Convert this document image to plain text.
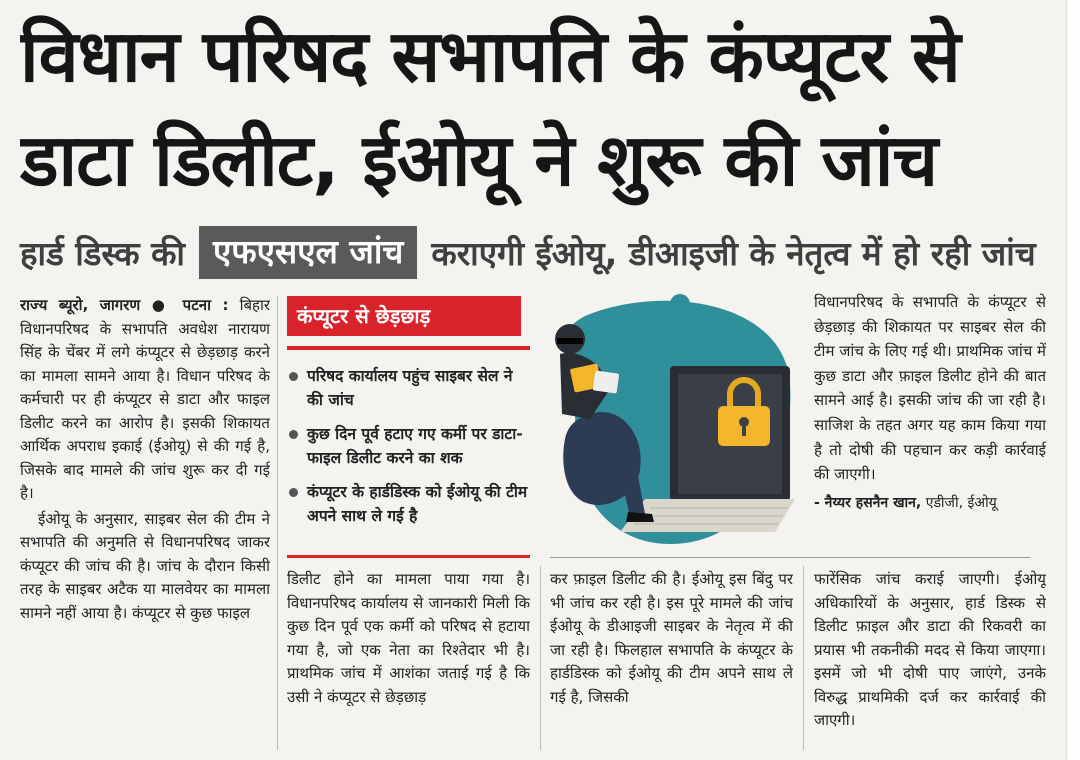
विधान परिषद सभापति के कंप्यूटर से
डाटा डिलीट, ईओयू ने शुरू की जांच
हार्ड डिस्क की एफएसएल जांच कराएगी ईओयू, डीआइजी के नेतृत्व में हो रही जांच

राज्य ब्यूरो, जागरण ● पटना : बिहार विधानपरिषद के सभापति अवधेश नारायण सिंह के चेंबर में लगे कंप्यूटर से छेड़छाड़ करने का मामला सामने आया है। विधान परिषद के कर्मचारी पर ही कंप्यूटर से डाटा और फाइल डिलीट करने का आरोप है। इसकी शिकायत आर्थिक अपराध इकाई (ईओयू) से की गई है, जिसके बाद मामले की जांच शुरू कर दी गई है।

ईओयू के अनुसार, साइबर सेल की टीम ने सभापति की अनुमति से विधानपरिषद जाकर कंप्यूटर की जांच की है। जांच के दौरान किसी तरह के साइबर अटैक या मालवेयर का मामला सामने नहीं आया है। कंप्यूटर से कुछ फाइल

कंप्यूटर से छेड़छाड़
परिषद कार्यालय पहुंच साइबर सेल ने की जांच
कुछ दिन पूर्व हटाए गए कर्मी पर डाटा-फाइल डिलीट करने का शक
कंप्यूटर के हार्डडिस्क को ईओयू की टीम अपने साथ ले गई है

विधानपरिषद के सभापति के कंप्यूटर से छेड़छाड़ की शिकायत पर साइबर सेल की टीम जांच के लिए गई थी। प्राथमिक जांच में कुछ डाटा और फ़ाइल डिलीट होने की बात सामने आई है। इसकी जांच की जा रही है। साजिश के तहत अगर यह काम किया गया है तो दोषी की पहचान कर कड़ी कार्रवाई की जाएगी।

- नैय्यर हसनैन खान, एडीजी, ईओयू

डिलीट होने का मामला पाया गया है। विधानपरिषद कार्यालय से जानकारी मिली कि कुछ दिन पूर्व एक कर्मी को परिषद से हटाया गया है, जो एक नेता का रिश्तेदार भी है। प्राथमिक जांच में आशंका जताई गई है कि उसी ने कंप्यूटर से छेड़छाड़

कर फ़ाइल डिलीट की है। ईओयू इस बिंदु पर भी जांच कर रही है। इस पूरे मामले की जांच ईओयू के डीआइजी साइबर के नेतृत्व में की जा रही है। फिलहाल सभापति के कंप्यूटर के हार्डडिस्क को ईओयू की टीम अपने साथ ले गई है, जिसकी

फारेंसिक जांच कराई जाएगी। ईओयू अधिकारियों के अनुसार, हार्ड डिस्क से डिलीट फ़ाइल और डाटा की रिकवरी का प्रयास भी तकनीकी मदद से किया जाएगा। इसमें जो भी दोषी पाए जाएंगे, उनके विरुद्ध प्राथमिकी दर्ज कर कार्रवाई की जाएगी।
